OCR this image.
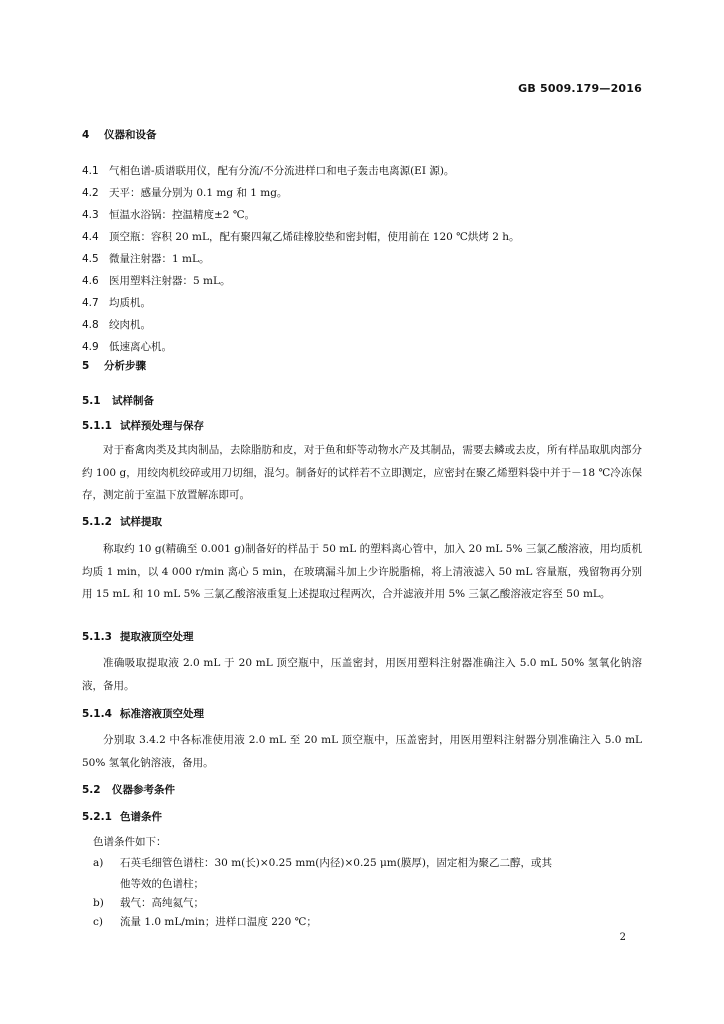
GB 5009.179—2016
4 仪器和设备
4.1 气相色谱-质谱联用仪，配有分流/不分流进样口和电子轰击电离源(EI 源)。
4.2 天平：感量分别为 0.1 mg 和 1 mg。
4.3 恒温水浴锅：控温精度±2 ℃。
4.4 顶空瓶：容积 20 mL，配有聚四氟乙烯硅橡胶垫和密封帽，使用前在 120 ℃烘烤 2 h。
4.5 微量注射器：1 mL。
4.6 医用塑料注射器：5 mL。
4.7 均质机。
4.8 绞肉机。
4.9 低速离心机。
5 分析步骤
5.1 试样制备
5.1.1 试样预处理与保存
对于畜禽肉类及其肉制品，去除脂肪和皮，对于鱼和虾等动物水产及其制品，需要去鳞或去皮，所有样品取肌肉部分约 100 g，用绞肉机绞碎或用刀切细，混匀。制备好的试样若不立即测定，应密封在聚乙烯塑料袋中并于－18 ℃冷冻保存，测定前于室温下放置解冻即可。
5.1.2 试样提取
称取约 10 g(精确至 0.001 g)制备好的样品于 50 mL 的塑料离心管中，加入 20 mL 5% 三氯乙酸溶液，用均质机均质 1 min，以 4 000 r/min 离心 5 min，在玻璃漏斗加上少许脱脂棉，将上清液滤入 50 mL 容量瓶，残留物再分别用 15 mL 和 10 mL 5% 三氯乙酸溶液重复上述提取过程两次，合并滤液并用 5% 三氯乙酸溶液定容至 50 mL。
5.1.3 提取液顶空处理
准确吸取提取液 2.0 mL 于 20 mL 顶空瓶中，压盖密封，用医用塑料注射器准确注入 5.0 mL 50% 氢氧化钠溶液，备用。
5.1.4 标准溶液顶空处理
分别取 3.4.2 中各标准使用液 2.0 mL 至 20 mL 顶空瓶中，压盖密封，用医用塑料注射器分别准确注入 5.0 mL 50% 氢氧化钠溶液，备用。
5.2 仪器参考条件
5.2.1 色谱条件
色谱条件如下：
a) 石英毛细管色谱柱：30 m(长)×0.25 mm(内径)×0.25 μm(膜厚)，固定相为聚乙二醇，或其
他等效的色谱柱；
b) 载气：高纯氦气；
c) 流量 1.0 mL/min；进样口温度 220 ℃；
2
